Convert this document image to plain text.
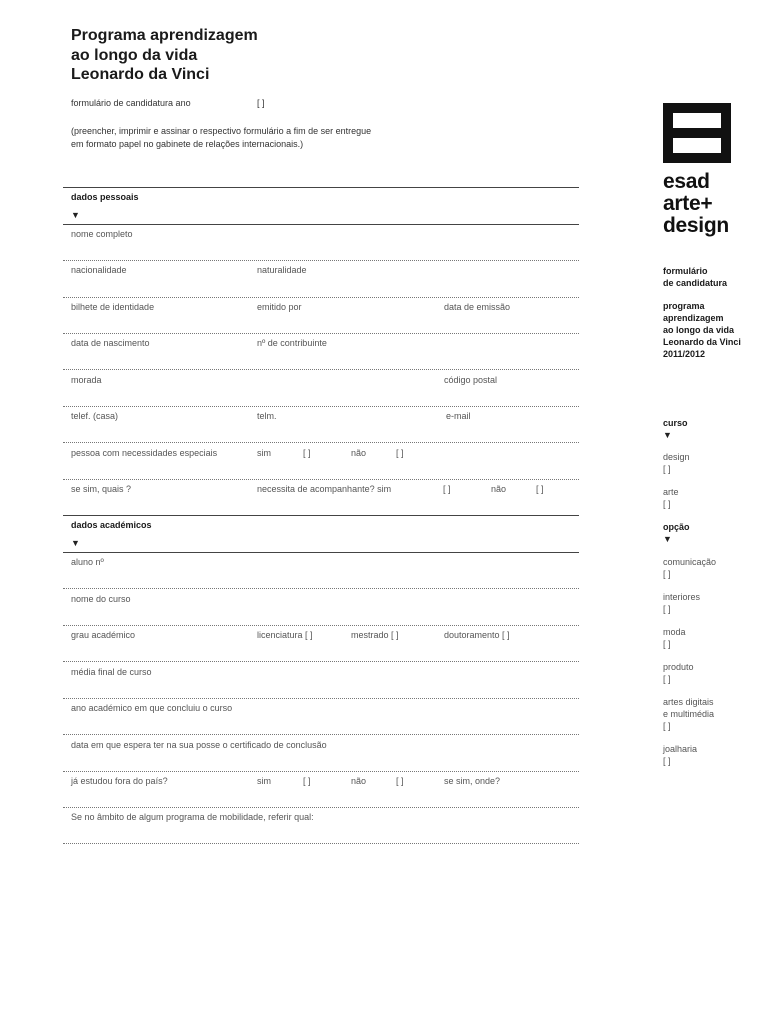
Programa aprendizagem
ao longo da vida
Leonardo da Vinci
formulário de candidatura ano	[ ]
(preencher, imprimir e assinar o respectivo formulário a fim de ser entregue
em formato papel no gabinete de relações internacionais.)
dados pessoais
▼
nome completo
nacionalidade	naturalidade
bilhete de identidade	emitido por	data de emissão
data de nascimento	nº de contribuinte
morada	código postal
telef. (casa)	telm.	e-mail
pessoa com necessidades especiais	sim	[ ]	não	[ ]
se sim, quais ?	necessita de acompanhante? sim	[ ]	não	[ ]
dados académicos
▼
aluno nº
nome do curso
grau académico	licenciatura [ ]	mestrado [ ]	doutoramento [ ]
média final de curso
ano académico em que concluiu o curso
data em que espera ter na sua posse o certificado de conclusão
já estudou fora do país?	sim	[ ]	não	[ ]	se sim, onde?
Se no âmbito de algum programa de mobilidade, referir qual:
esad
arte+
design
formulário
de candidatura
programa
aprendizagem
ao longo da vida
Leonardo da Vinci
2011/2012
curso
▼
design
[ ]
arte
[ ]
opção
▼
comunicação
[ ]
interiores
[ ]
moda
[ ]
produto
[ ]
artes digitais
e multimédia
[ ]
joalharia
[ ]
